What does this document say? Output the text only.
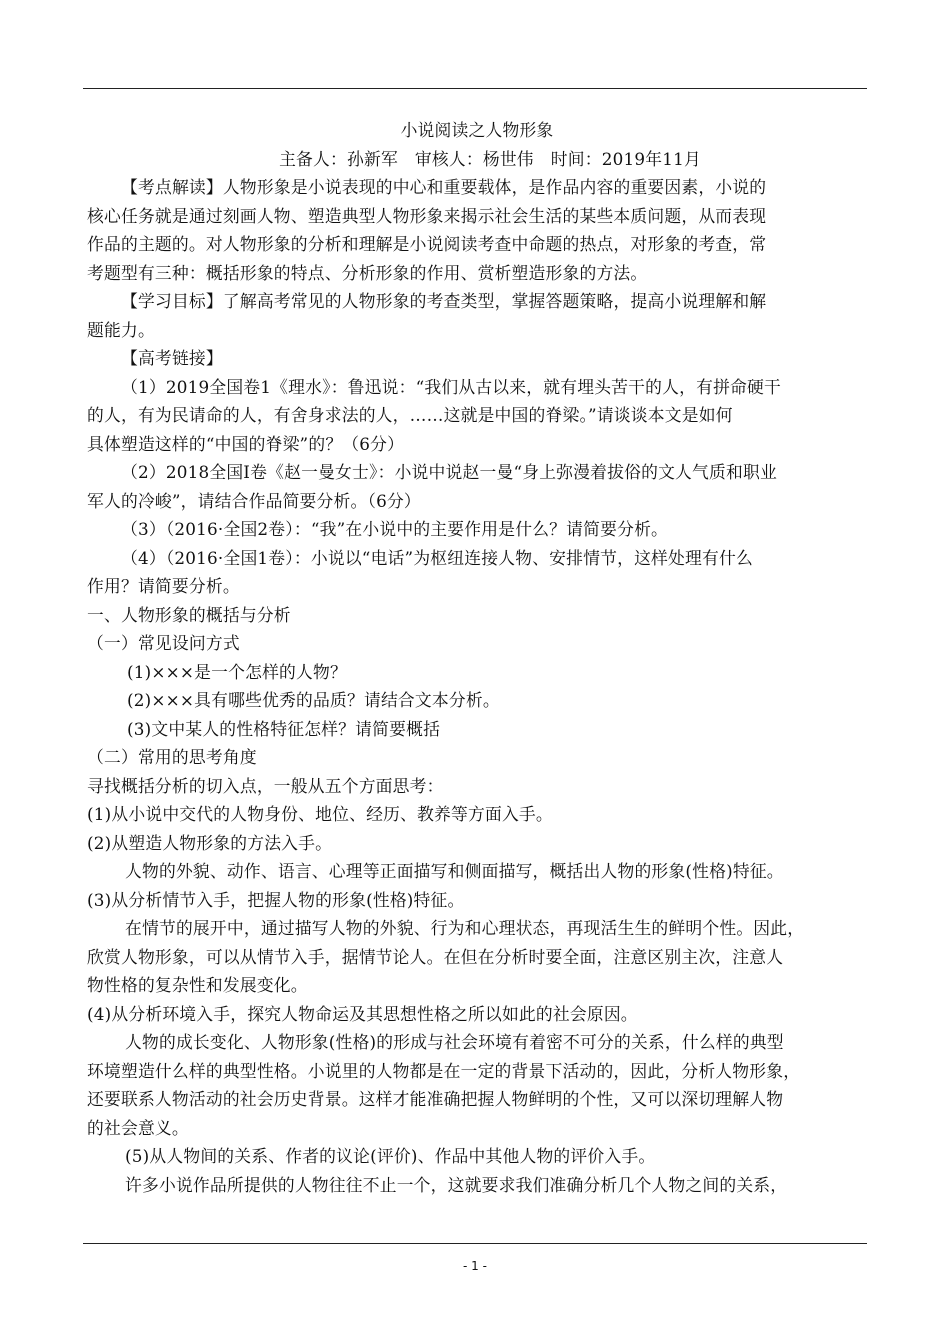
小说阅读之人物形象
主备人：孙新军　审核人：杨世伟　时间：2019年11月
【考点解读】人物形象是小说表现的中心和重要载体，是作品内容的重要因素，小说的
核心任务就是通过刻画人物、塑造典型人物形象来揭示社会生活的某些本质问题，从而表现
作品的主题的。对人物形象的分析和理解是小说阅读考查中命题的热点，对形象的考查，常
考题型有三种：概括形象的特点、分析形象的作用、赏析塑造形象的方法。
【学习目标】了解高考常见的人物形象的考查类型，掌握答题策略，提高小说理解和解
题能力。
【高考链接】
（1）2019全国卷1《理水》：鲁迅说：“我们从古以来，就有埋头苦干的人，有拼命硬干
的人，有为民请命的人，有舍身求法的人，……这就是中国的脊梁。”请谈谈本文是如何
具体塑造这样的“中国的脊梁”的？（6分）
（2）2018全国Ⅰ卷《赵一曼女士》：小说中说赵一曼“身上弥漫着拔俗的文人气质和职业
军人的冷峻”，请结合作品简要分析。（6分）
（3）（2016·全国2卷）：“我”在小说中的主要作用是什么？请简要分析。
（4）（2016·全国1卷）：小说以“电话”为枢纽连接人物、安排情节，这样处理有什么
作用？请简要分析。
一、人物形象的概括与分析
（一）常见设问方式
(1)×××是一个怎样的人物？
(2)×××具有哪些优秀的品质？请结合文本分析。
(3)文中某人的性格特征怎样？请简要概括
（二）常用的思考角度
寻找概括分析的切入点，一般从五个方面思考：
(1)从小说中交代的人物身份、地位、经历、教养等方面入手。
(2)从塑造人物形象的方法入手。
人物的外貌、动作、语言、心理等正面描写和侧面描写，概括出人物的形象(性格)特征。
(3)从分析情节入手，把握人物的形象(性格)特征。
在情节的展开中，通过描写人物的外貌、行为和心理状态，再现活生生的鲜明个性。因此，
欣赏人物形象，可以从情节入手，据情节论人。在但在分析时要全面，注意区别主次，注意人
物性格的复杂性和发展变化。
(4)从分析环境入手，探究人物命运及其思想性格之所以如此的社会原因。
人物的成长变化、人物形象(性格)的形成与社会环境有着密不可分的关系，什么样的典型
环境塑造什么样的典型性格。小说里的人物都是在一定的背景下活动的，因此，分析人物形象，
还要联系人物活动的社会历史背景。这样才能准确把握人物鲜明的个性，又可以深切理解人物
的社会意义。
(5)从人物间的关系、作者的议论(评价)、作品中其他人物的评价入手。
许多小说作品所提供的人物往往不止一个，这就要求我们准确分析几个人物之间的关系，
- 1 -
